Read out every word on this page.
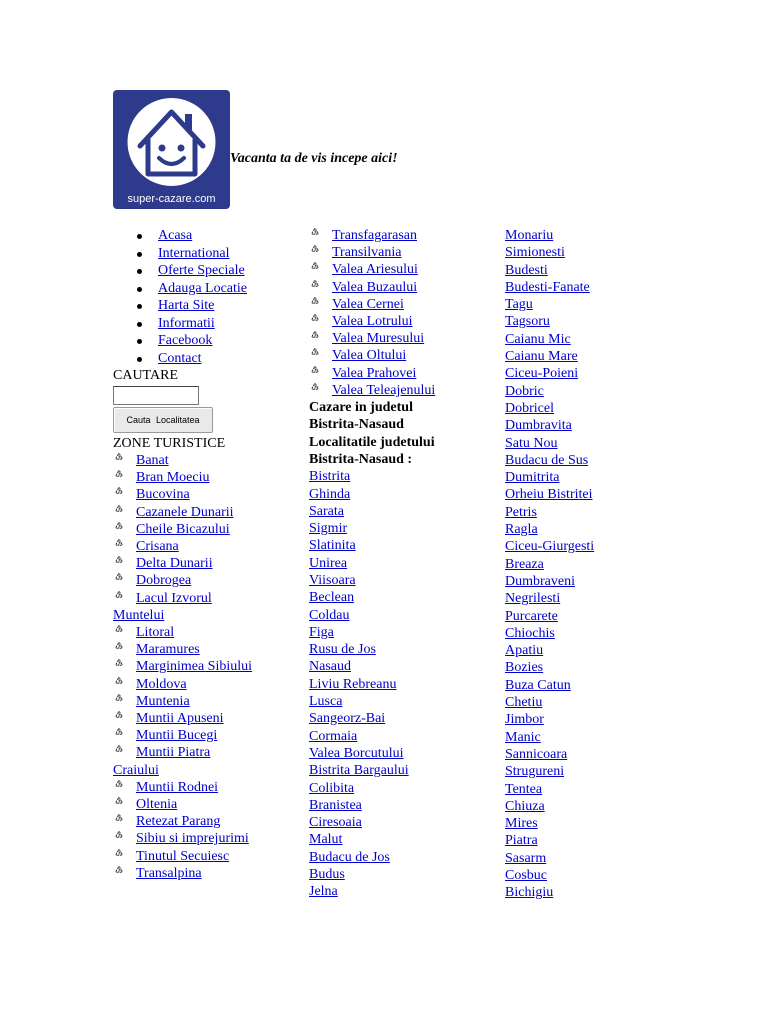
super-cazare.com
Vacanta ta de vis incepe aici!
Acasa
International
Oferte Speciale
Adauga Locatie
Harta Site
Informatii
Facebook
Contact
CAUTARE
Cauta Localitatea
ZONE TURISTICE
♵ Banat
♵ Bran Moeciu
♵ Bucovina
♵ Cazanele Dunarii
♵ Cheile Bicazului
♵ Crisana
♵ Delta Dunarii
♵ Dobrogea
♵ Lacul Izvorul Muntelui
♵ Litoral
♵ Maramures
♵ Marginimea Sibiului
♵ Moldova
♵ Muntenia
♵ Muntii Apuseni
♵ Muntii Bucegi
♵ Muntii Piatra Craiului
♵ Muntii Rodnei
♵ Oltenia
♵ Retezat Parang
♵ Sibiu si imprejurimi
♵ Tinutul Secuiesc
♵ Transalpina
♵ Transfagarasan
♵ Transilvania
♵ Valea Ariesului
♵ Valea Buzaului
♵ Valea Cernei
♵ Valea Lotrului
♵ Valea Muresului
♵ Valea Oltului
♵ Valea Prahovei
♵ Valea Teleajenului
Cazare in judetul
Bistrita-Nasaud
Localitatile judetului
Bistrita-Nasaud :
Bistrita
Ghinda
Sarata
Sigmir
Slatinita
Unirea
Viisoara
Beclean
Coldau
Figa
Rusu de Jos
Nasaud
Liviu Rebreanu
Lusca
Sangeorz-Bai
Cormaia
Valea Borcutului
Bistrita Bargaului
Colibita
Branistea
Ciresoaia
Malut
Budacu de Jos
Budus
Jelna
Monariu
Simionesti
Budesti
Budesti-Fanate
Tagu
Tagsoru
Caianu Mic
Caianu Mare
Ciceu-Poieni
Dobric
Dobricel
Dumbravita
Satu Nou
Budacu de Sus
Dumitrita
Orheiu Bistritei
Petris
Ragla
Ciceu-Giurgesti
Breaza
Dumbraveni
Negrilesti
Purcarete
Chiochis
Apatiu
Bozies
Buza Catun
Chetiu
Jimbor
Manic
Sannicoara
Strugureni
Tentea
Chiuza
Mires
Piatra
Sasarm
Cosbuc
Bichigiu
